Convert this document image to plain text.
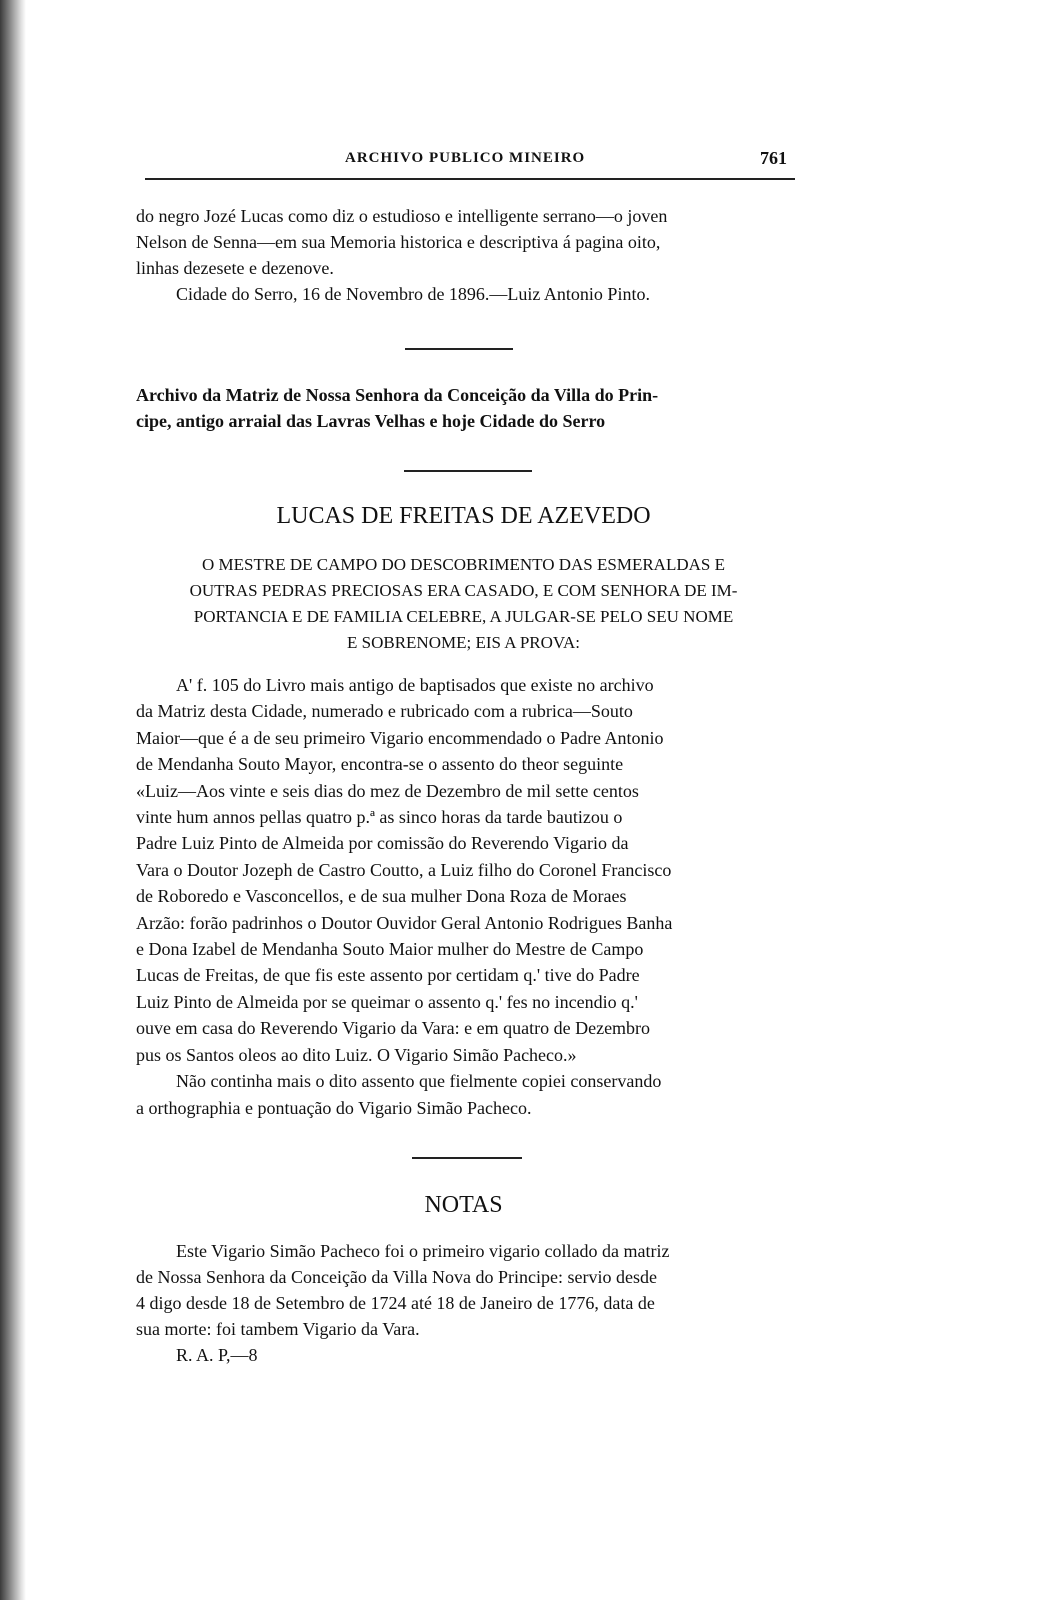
ARCHIVO PUBLICO MINEIRO	761

do negro Jozé Lucas como diz o estudioso e intelligente serrano—o joven

Nelson de Senna—em sua Memoria historica e descriptiva á pagina oito,

linhas dezesete e dezenove.

Cidade do Serro, 16 de Novembro de 1896.—Luiz Antonio Pinto.

Archivo da Matriz de Nossa Senhora da Conceição da Villa do Prin-

cipe, antigo arraial das Lavras Velhas e hoje Cidade do Serro

LUCAS DE FREITAS DE AZEVEDO
O MESTRE DE CAMPO DO DESCOBRIMENTO DAS ESMERALDAS E
OUTRAS PEDRAS PRECIOSAS ERA CASADO, E COM SENHORA DE IM-
PORTANCIA E DE FAMILIA CELEBRE, A JULGAR-SE PELO SEU NOME
E SOBRENOME; EIS A PROVA:

A' f. 105 do Livro mais antigo de baptisados que existe no archivo

da Matriz desta Cidade, numerado e rubricado com a rubrica—Souto

Maior—que é a de seu primeiro Vigario encommendado o Padre Antonio

de Mendanha Souto Mayor, encontra-se o assento do theor seguinte

«Luiz—Aos vinte e seis dias do mez de Dezembro de mil sette centos

vinte hum annos pellas quatro p.ª as sinco horas da tarde bautizou o

Padre Luiz Pinto de Almeida por comissão do Reverendo Vigario da

Vara o Doutor Jozeph de Castro Coutto, a Luiz filho do Coronel Francisco

de Roboredo e Vasconcellos, e de sua mulher Dona Roza de Moraes

Arzão: forão padrinhos o Doutor Ouvidor Geral Antonio Rodrigues Banha

e Dona Izabel de Mendanha Souto Maior mulher do Mestre de Campo

Lucas de Freitas, de que fis este assento por certidam q.' tive do Padre

Luiz Pinto de Almeida por se queimar o assento q.' fes no incendio q.'

ouve em casa do Reverendo Vigario da Vara: e em quatro de Dezembro

pus os Santos oleos ao dito Luiz. O Vigario Simão Pacheco.»

Não continha mais o dito assento que fielmente copiei conservando

a orthographia e pontuação do Vigario Simão Pacheco.

NOTAS

Este Vigario Simão Pacheco foi o primeiro vigario collado da matriz

de Nossa Senhora da Conceição da Villa Nova do Principe: servio desde

4 digo desde 18 de Setembro de 1724 até 18 de Janeiro de 1776, data de

sua morte: foi tambem Vigario da Vara.

R. A. P,—8
